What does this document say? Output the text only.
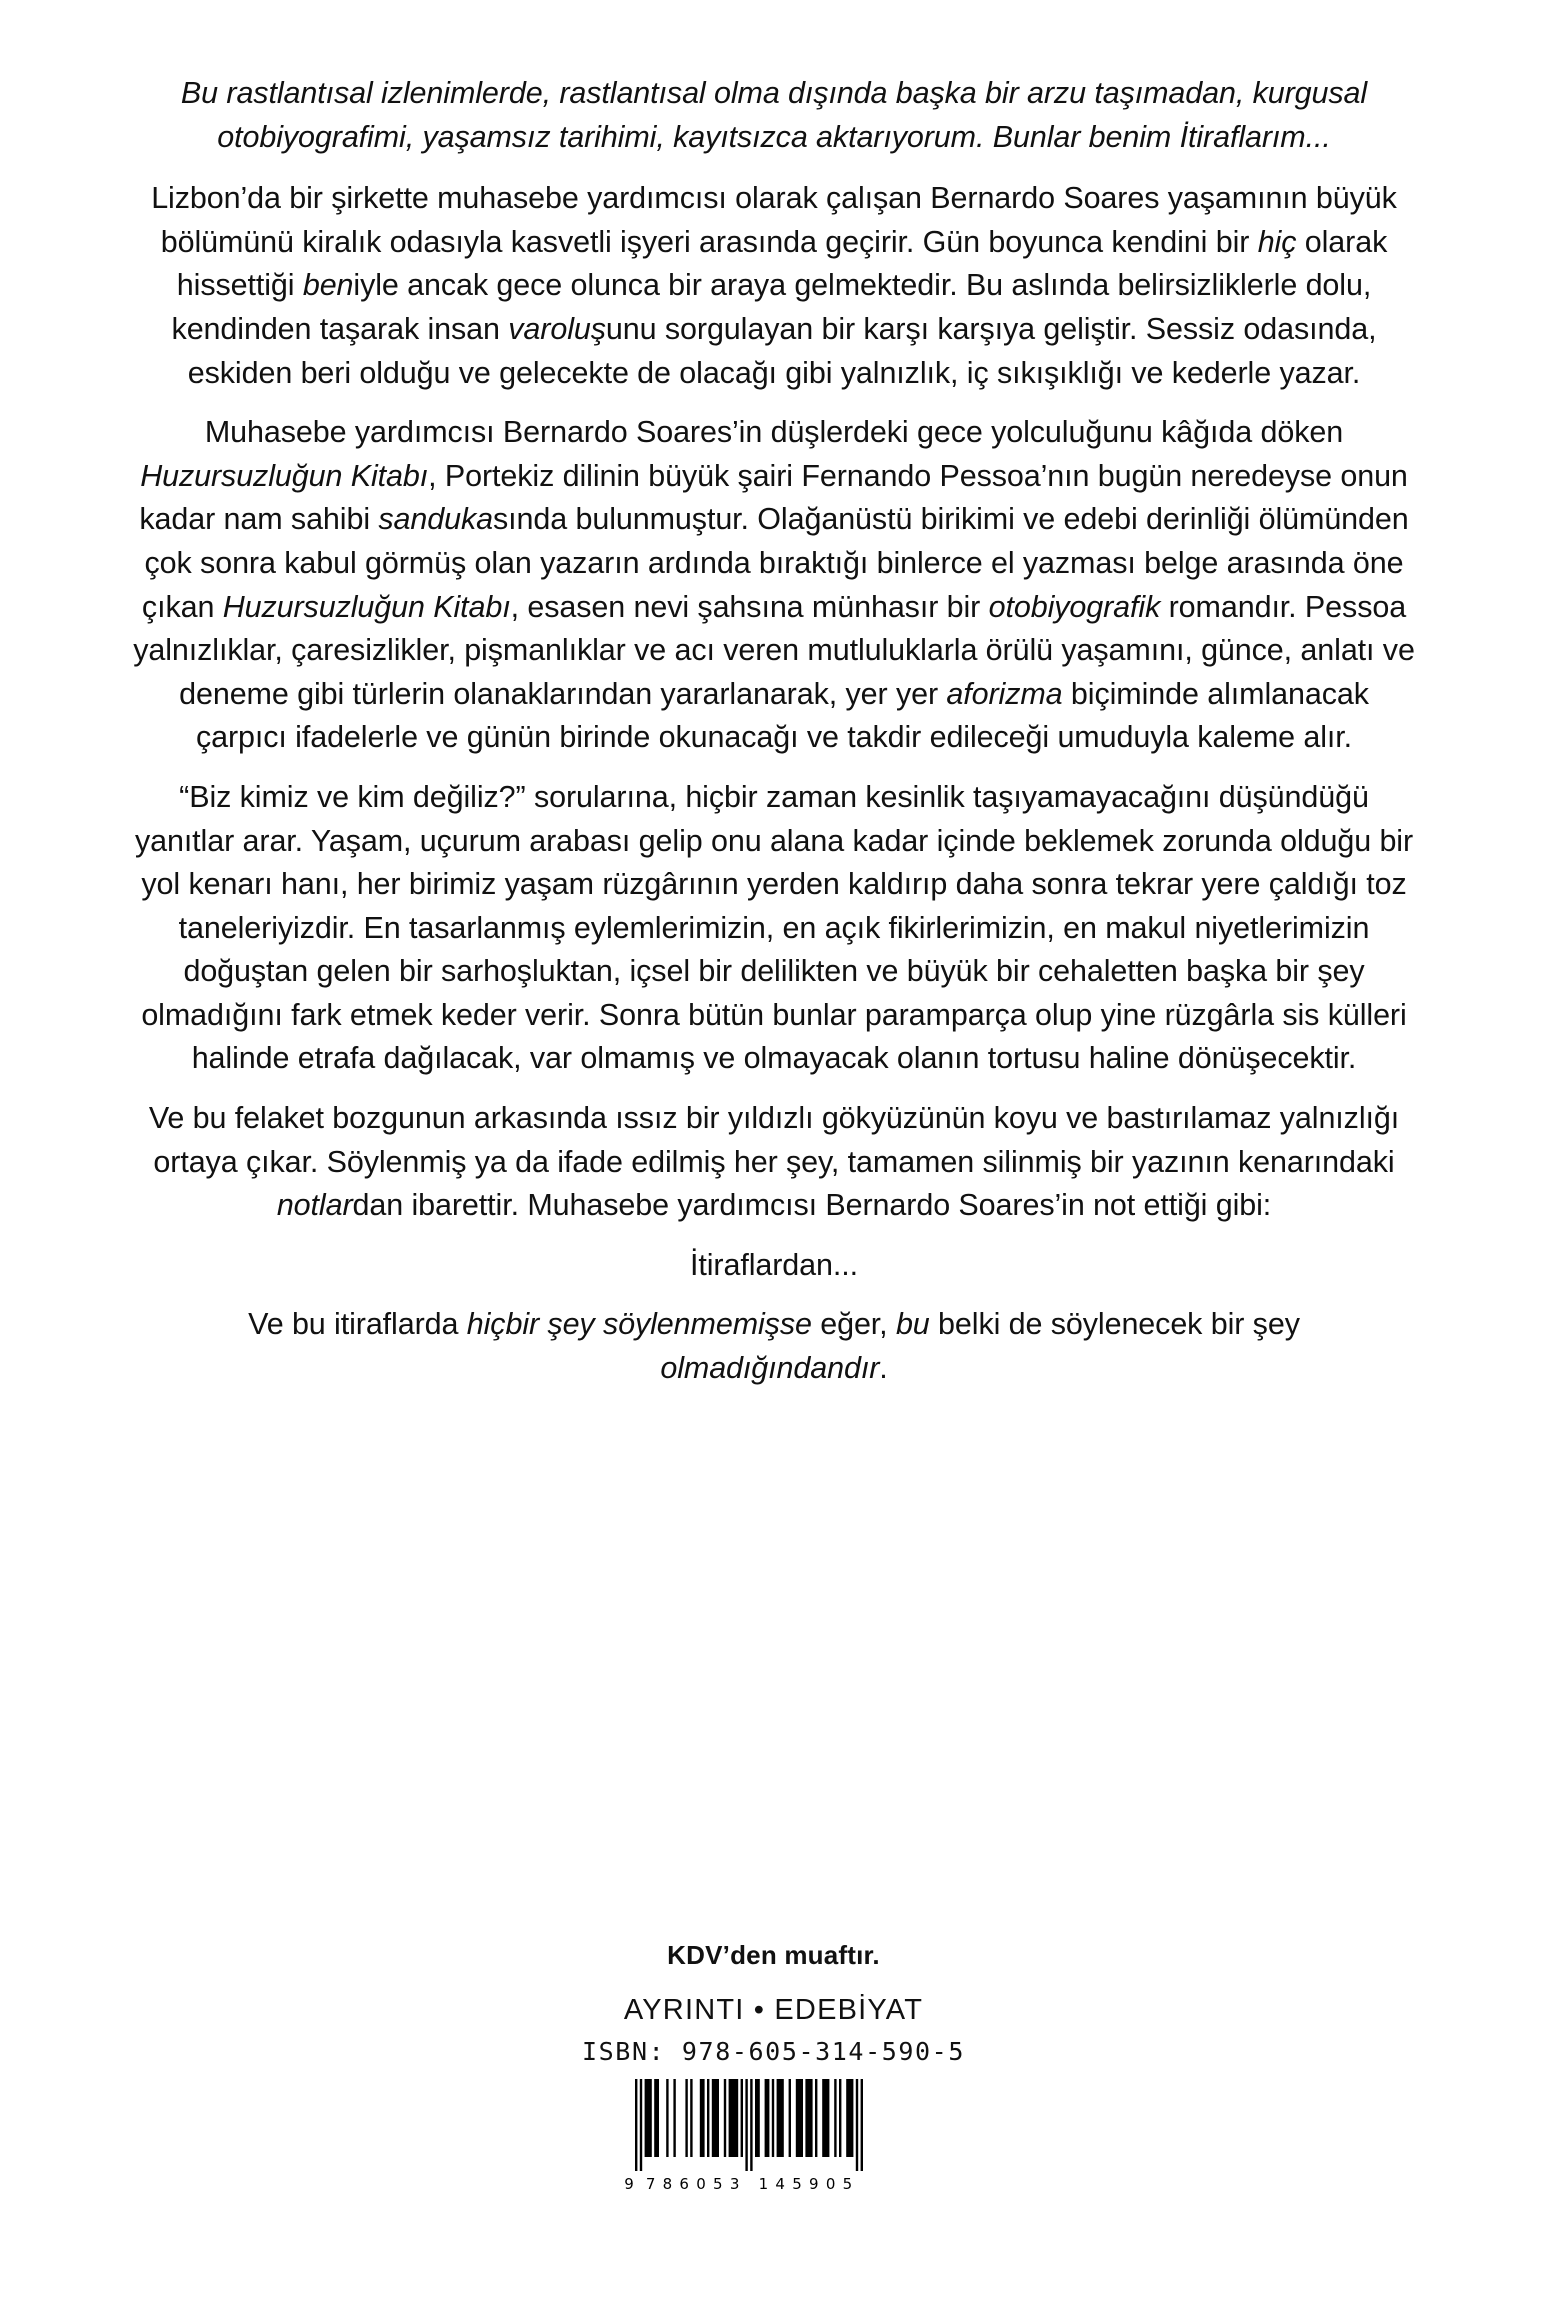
Bu rastlantısal izlenimlerde, rastlantısal olma dışında başka bir arzu taşımadan, kurgusal otobiyografimi, yaşamsız tarihimi, kayıtsızca aktarıyorum. Bunlar benim İtiraflarım...

Lizbon’da bir şirkette muhasebe yardımcısı olarak çalışan Bernardo Soares yaşamının büyük bölümünü kiralık odasıyla kasvetli işyeri arasında geçirir. Gün boyunca kendini bir hiç olarak hissettiği beniyle ancak gece olunca bir araya gelmektedir. Bu aslında belirsizliklerle dolu, kendinden taşarak insan varoluşunu sorgulayan bir karşı karşıya geliştir. Sessiz odasında, eskiden beri olduğu ve gelecekte de olacağı gibi yalnızlık, iç sıkışıklığı ve kederle yazar.

Muhasebe yardımcısı Bernardo Soares’in düşlerdeki gece yolculuğunu kâğıda döken Huzursuzluğun Kitabı, Portekiz dilinin büyük şairi Fernando Pessoa’nın bugün neredeyse onun kadar nam sahibi sandukasında bulunmuştur. Olağanüstü birikimi ve edebi derinliği ölümünden çok sonra kabul görmüş olan yazarın ardında bıraktığı binlerce el yazması belge arasında öne çıkan Huzursuzluğun Kitabı, esasen nevi şahsına münhasır bir otobiyografik romandır. Pessoa yalnızlıklar, çaresizlikler, pişmanlıklar ve acı veren mutluluklarla örülü yaşamını, günce, anlatı ve deneme gibi türlerin olanaklarından yararlanarak, yer yer aforizma biçiminde alımlanacak çarpıcı ifadelerle ve günün birinde okunacağı ve takdir edileceği umuduyla kaleme alır.

“Biz kimiz ve kim değiliz?” sorularına, hiçbir zaman kesinlik taşıyamayacağını düşündüğü yanıtlar arar. Yaşam, uçurum arabası gelip onu alana kadar içinde beklemek zorunda olduğu bir yol kenarı hanı, her birimiz yaşam rüzgârının yerden kaldırıp daha sonra tekrar yere çaldığı toz taneleriyizdir. En tasarlanmış eylemlerimizin, en açık fikirlerimizin, en makul niyetlerimizin doğuştan gelen bir sarhoşluktan, içsel bir delilikten ve büyük bir cehaletten başka bir şey olmadığını fark etmek keder verir. Sonra bütün bunlar paramparça olup yine rüzgârla sis külleri halinde etrafa dağılacak, var olmamış ve olmayacak olanın tortusu haline dönüşecektir.

Ve bu felaket bozgunun arkasında ıssız bir yıldızlı gökyüzünün koyu ve bastırılamaz yalnızlığı ortaya çıkar. Söylenmiş ya da ifade edilmiş her şey, tamamen silinmiş bir yazının kenarındaki notlardan ibarettir. Muhasebe yardımcısı Bernardo Soares’in not ettiği gibi:

İtiraflardan...

Ve bu itiraflarda hiçbir şey söylenmemişse eğer, bu belki de söylenecek bir şey olmadığındandır.

KDV’den muaftır.
AYRINTI • EDEBİYAT
ISBN: 978-605-314-590-5
9 7 8 6 0 5 3 1 4 5 9 0 5
